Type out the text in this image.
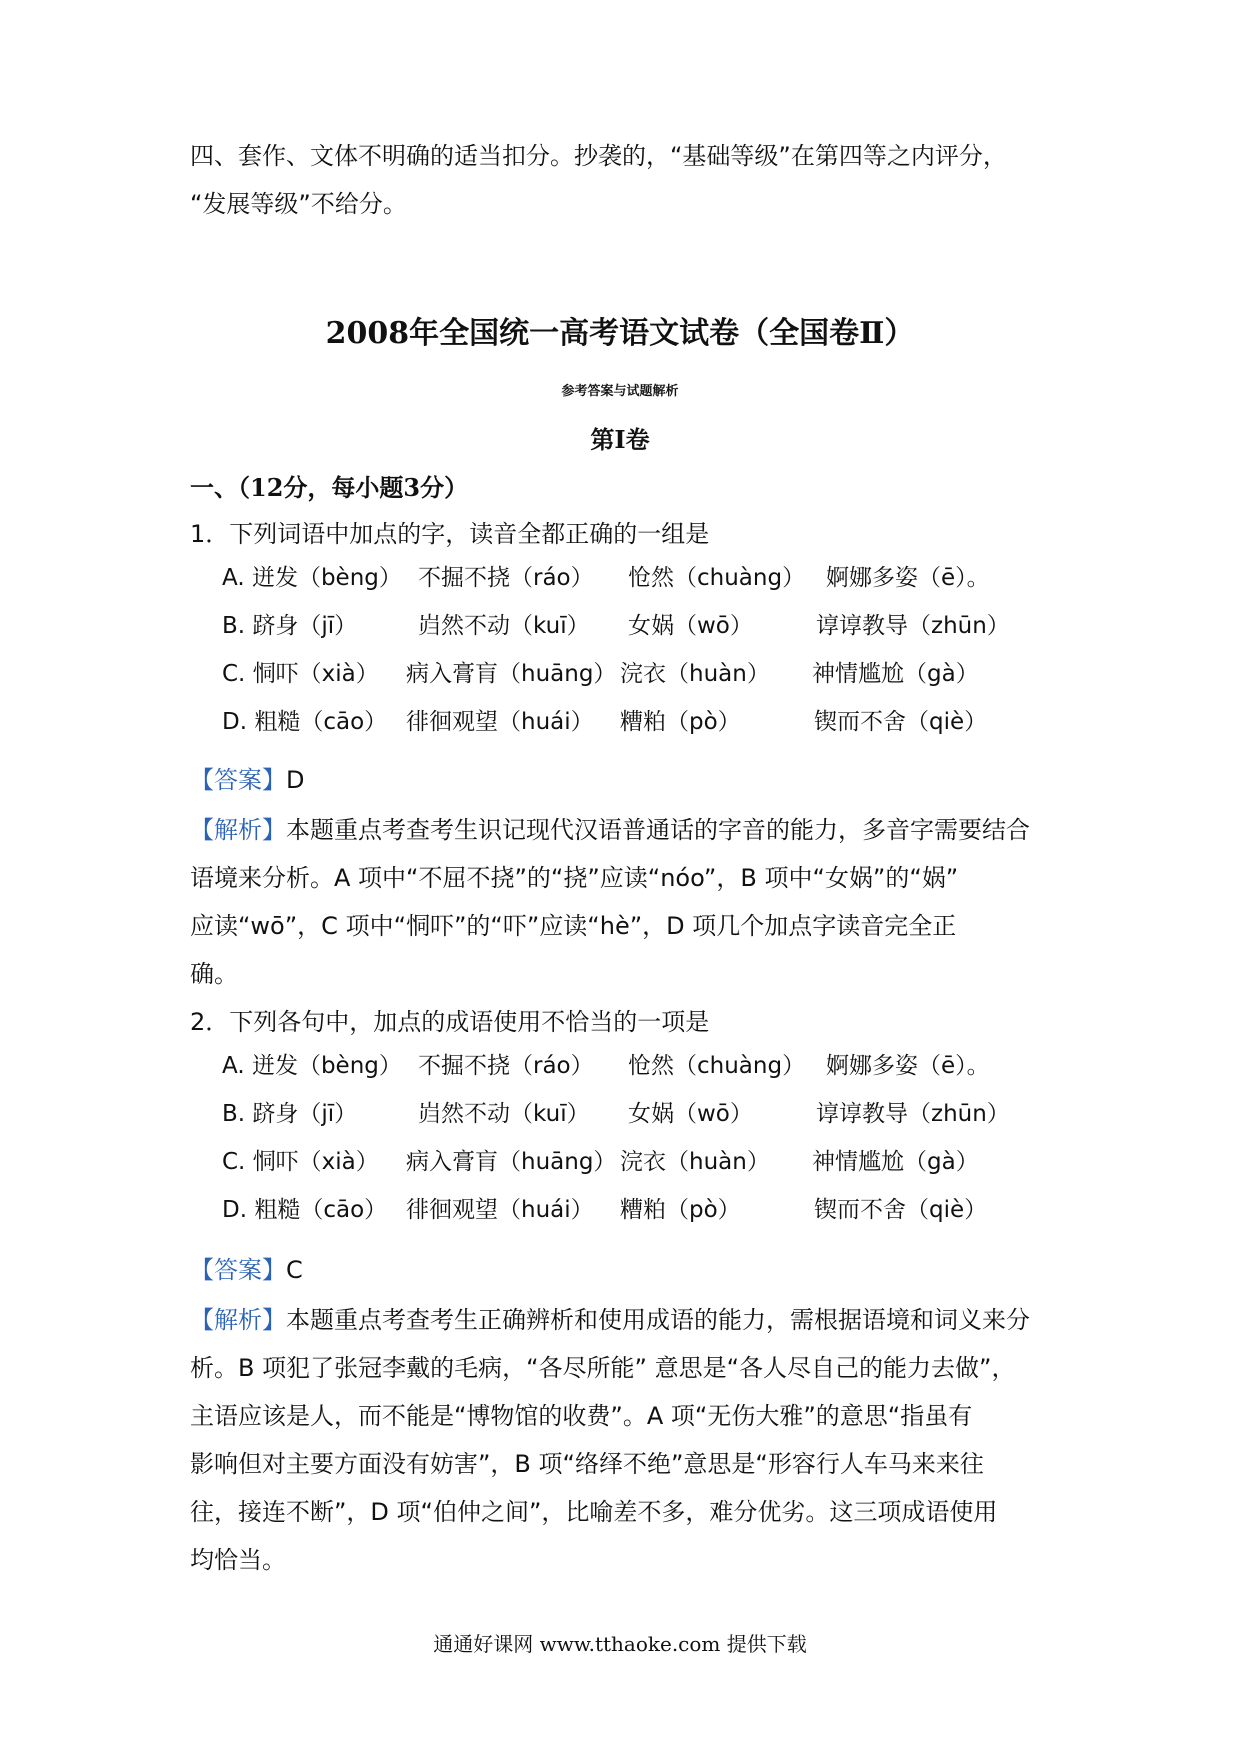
四、套作、文体不明确的适当扣分。抄袭的，“基础等级”在第四等之内评分，
“发展等级”不给分。
2008年全国统一高考语文试卷（全国卷Ⅱ）
参考答案与试题解析
第I卷
一、（12分，每小题3分）
1．下列词语中加点的字，读音全都正确的一组是
A. 迸发（bèng） 不掘不挠（ráo） 怆然（chuàng） 婀娜多姿（ē）。
B. 跻身（jī）	岿然不动（kuī） 女娲（wō）	谆谆教导（zhūn）
C. 恫吓（xià） 病入膏肓（huāng） 浣衣（huàn） 神情尴尬（gà）
D. 粗糙（cāo） 徘徊观望（huái） 糟粕（pò）	锲而不舍（qiè）
【答案】D
【解析】本题重点考查考生识记现代汉语普通话的字音的能力，多音字需要结合
语境来分析。A 项中“不屈不挠”的“挠”应读“nóo”，B 项中“女娲”的“娲”
应读“wō”，C 项中“恫吓”的“吓”应读“hè”，D 项几个加点字读音完全正
确。
2．下列各句中，加点的成语使用不恰当的一项是
A. 迸发（bèng） 不掘不挠（ráo） 怆然（chuàng） 婀娜多姿（ē）。
B. 跻身（jī）	岿然不动（kuī） 女娲（wō）	谆谆教导（zhūn）
C. 恫吓（xià） 病入膏肓（huāng） 浣衣（huàn） 神情尴尬（gà）
D. 粗糙（cāo） 徘徊观望（huái） 糟粕（pò）	锲而不舍（qiè）
【答案】C
【解析】本题重点考查考生正确辨析和使用成语的能力，需根据语境和词义来分
析。B 项犯了张冠李戴的毛病，“各尽所能” 意思是“各人尽自己的能力去做”，
主语应该是人，而不能是“博物馆的收费”。A 项“无伤大雅”的意思“指虽有
影响但对主要方面没有妨害”，B 项“络绎不绝”意思是“形容行人车马来来往
往，接连不断”，D 项“伯仲之间”，比喻差不多，难分优劣。这三项成语使用
均恰当。
通通好课网 www.tthaoke.com 提供下载
